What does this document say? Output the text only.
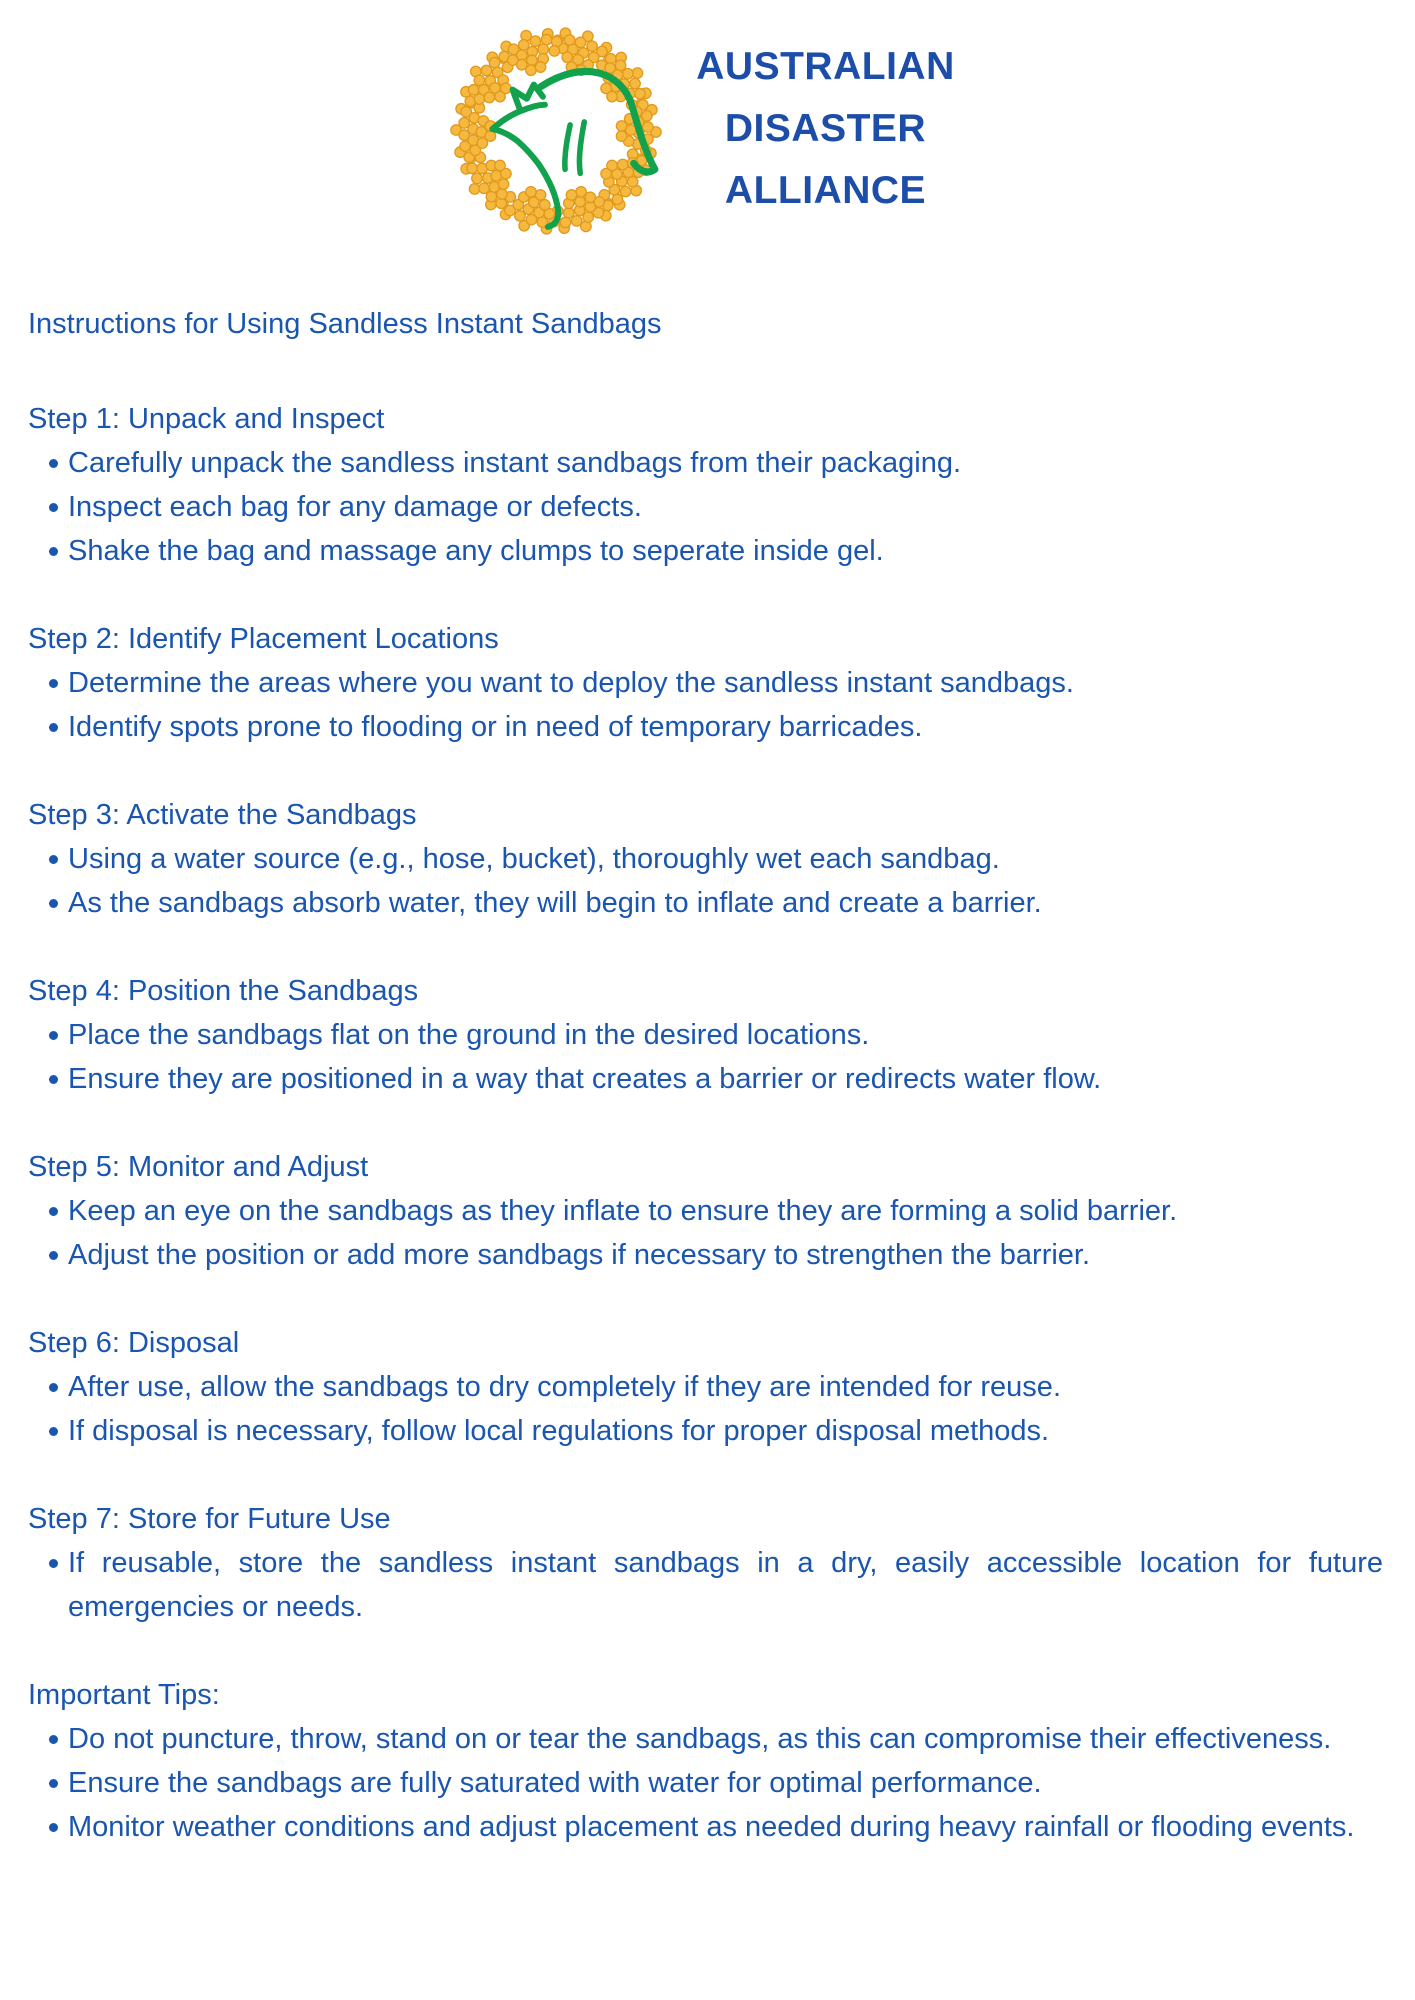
AUSTRALIAN
DISASTER
ALLIANCE
Instructions for Using Sandless Instant Sandbags
Step 1: Unpack and Inspect
Carefully unpack the sandless instant sandbags from their packaging.
Inspect each bag for any damage or defects.
Shake the bag and massage any clumps to seperate inside gel.
Step 2: Identify Placement Locations
Determine the areas where you want to deploy the sandless instant sandbags.
Identify spots prone to flooding or in need of temporary barricades.
Step 3: Activate the Sandbags
Using a water source (e.g., hose, bucket), thoroughly wet each sandbag.
As the sandbags absorb water, they will begin to inflate and create a barrier.
Step 4: Position the Sandbags
Place the sandbags flat on the ground in the desired locations.
Ensure they are positioned in a way that creates a barrier or redirects water flow.
Step 5: Monitor and Adjust
Keep an eye on the sandbags as they inflate to ensure they are forming a solid barrier.
Adjust the position or add more sandbags if necessary to strengthen the barrier.
Step 6: Disposal
After use, allow the sandbags to dry completely if they are intended for reuse.
If disposal is necessary, follow local regulations for proper disposal methods.
Step 7: Store for Future Use
If reusable, store the sandless instant sandbags in a dry, easily accessible location for future emergencies or needs.
Important Tips:
Do not puncture, throw, stand on or tear the sandbags, as this can compromise their effectiveness.
Ensure the sandbags are fully saturated with water for optimal performance.
Monitor weather conditions and adjust placement as needed during heavy rainfall or flooding events.
